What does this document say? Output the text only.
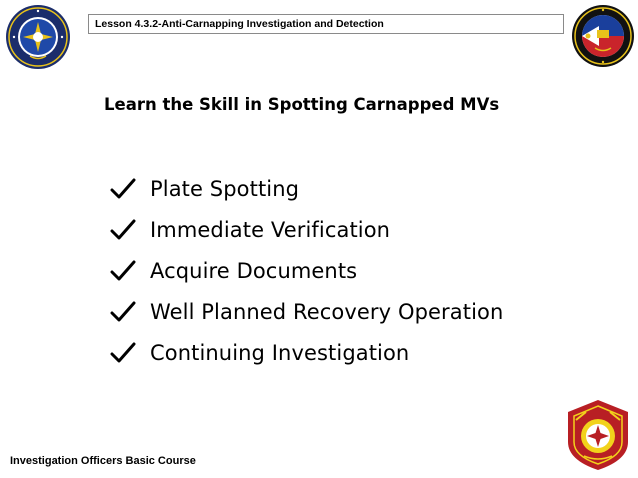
Lesson 4.3.2-Anti-Carnapping Investigation and Detection
Learn the Skill in Spotting Carnapped MVs
Plate Spotting
Immediate Verification
Acquire Documents
Well Planned Recovery Operation
Continuing Investigation
Investigation Officers Basic Course
